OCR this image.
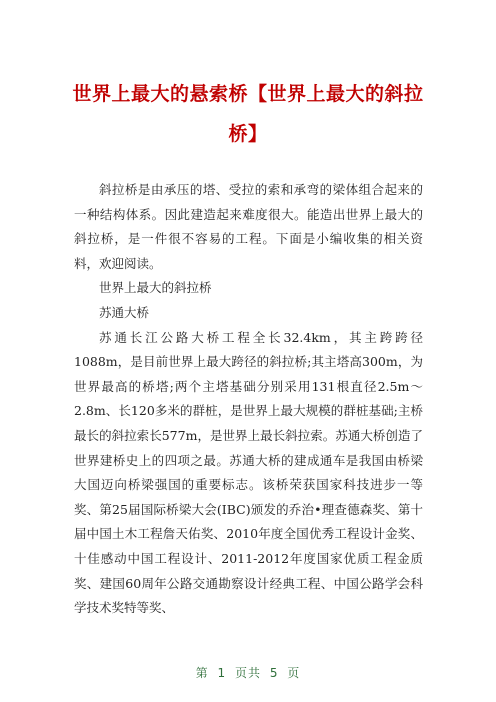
世界上最大的悬索桥【世界上最大的斜拉桥】

斜拉桥是由承压的塔、受拉的索和承弯的梁体组合起来的一种结构体系。因此建造起来难度很大。能造出世界上最大的斜拉桥，是一件很不容易的工程。下面是小编收集的相关资料，欢迎阅读。

世界上最大的斜拉桥

苏通大桥

苏通长江公路大桥工程全长32.4km，其主跨跨径1088m，是目前世界上最大跨径的斜拉桥;其主塔高300m，为世界最高的桥塔;两个主塔基础分别采用131根直径2.5m～2.8m、长120多米的群桩，是世界上最大规模的群桩基础;主桥最长的斜拉索长577m，是世界上最长斜拉索。苏通大桥创造了世界建桥史上的四项之最。苏通大桥的建成通车是我国由桥梁大国迈向桥梁强国的重要标志。该桥荣获国家科技进步一等奖、第25届国际桥梁大会(IBC)颁发的乔治•理查德森奖、第十届中国土木工程詹天佑奖、2010年度全国优秀工程设计金奖、十佳感动中国工程设计、2011-2012年度国家优质工程金质奖、建国60周年公路交通勘察设计经典工程、中国公路学会科学技术奖特等奖、

第 1 页共 5 页
